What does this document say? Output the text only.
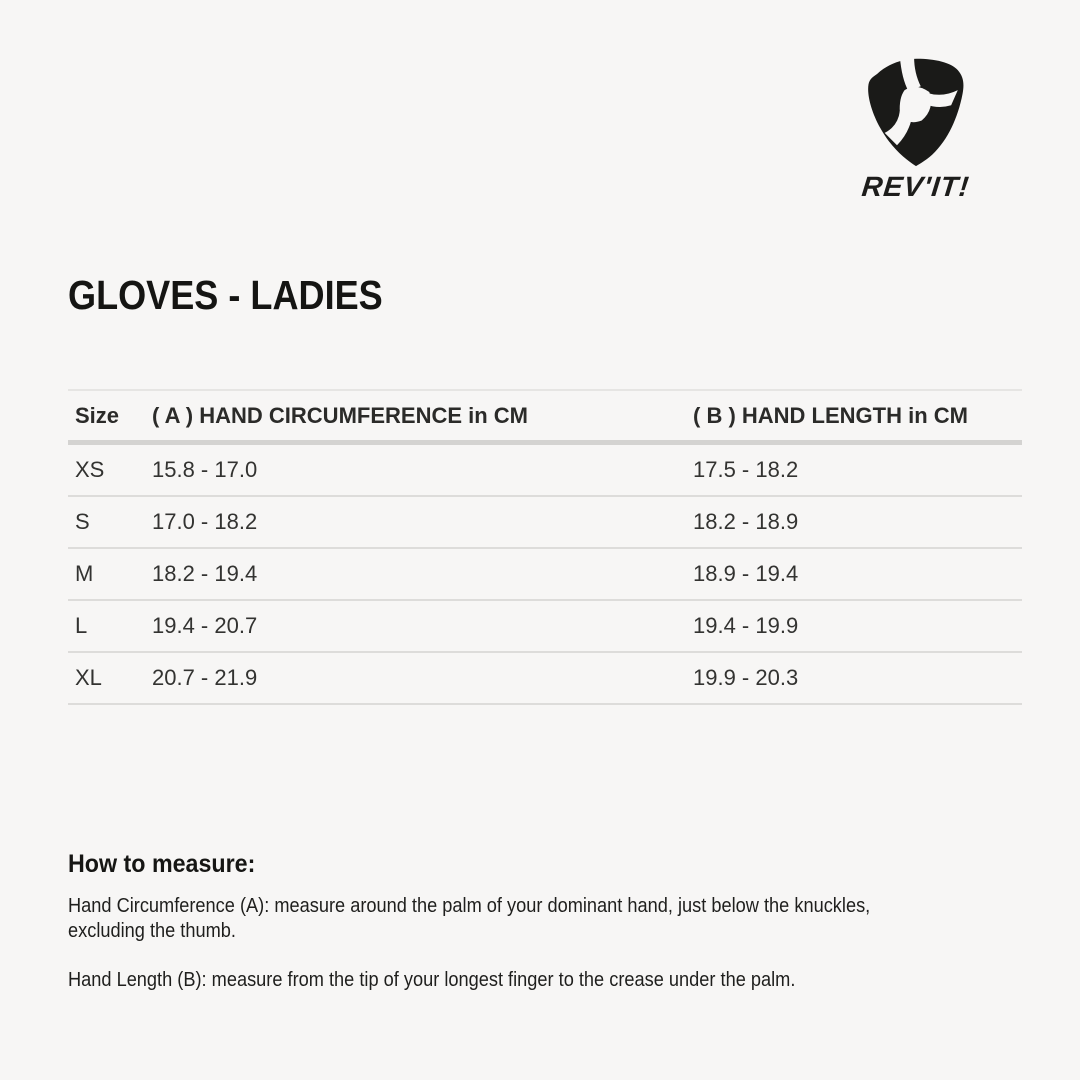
REV'IT!
GLOVES - LADIES
Size	( A ) HAND CIRCUMFERENCE in CM	( B ) HAND LENGTH in CM
XS	15.8 - 17.0	17.5 - 18.2
S	17.0 - 18.2	18.2 - 18.9
M	18.2 - 19.4	18.9 - 19.4
L	19.4 - 20.7	19.4 - 19.9
XL	20.7 - 21.9	19.9 - 20.3
How to measure:

Hand Circumference (A): measure around the palm of your dominant hand, just below the knuckles, excluding the thumb.

Hand Length (B): measure from the tip of your longest finger to the crease under the palm.
